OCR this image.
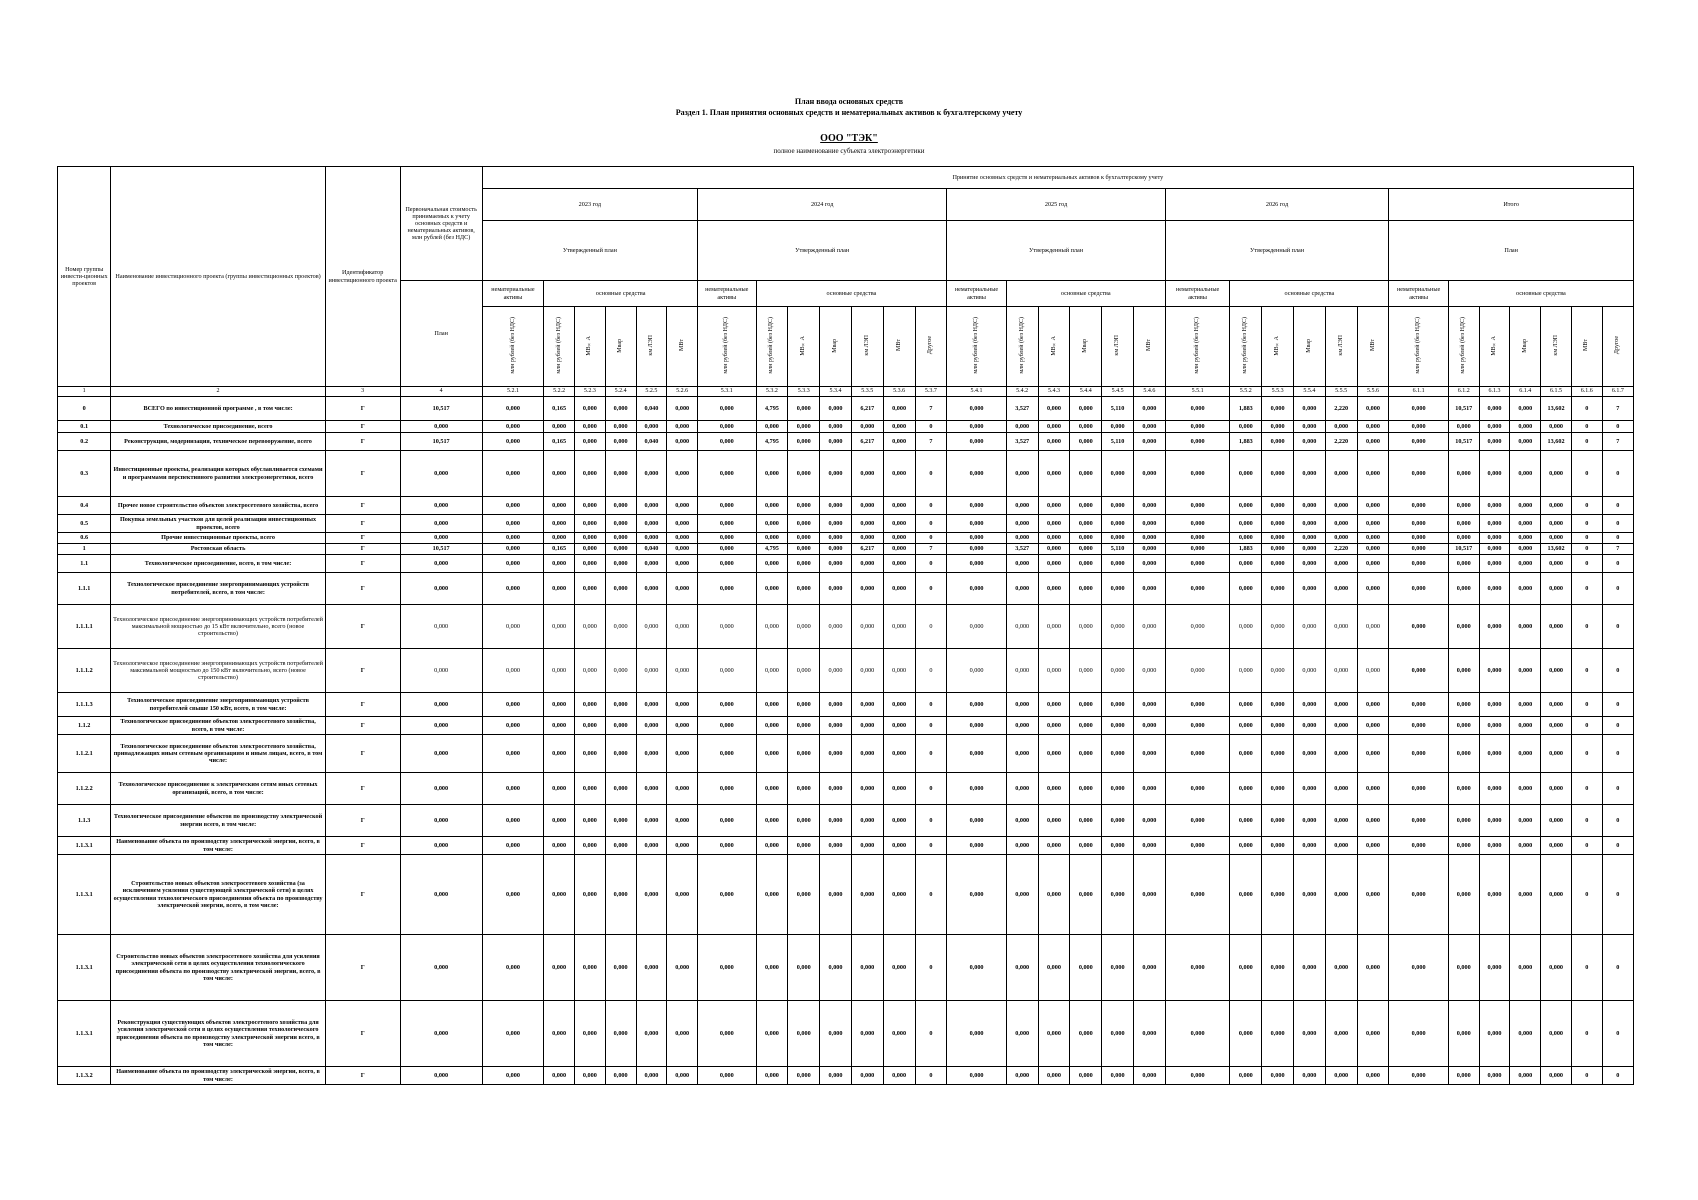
План ввода основных средств
Раздел 1. План принятия основных средств и нематериальных активов к бухгалтерскому учету
ООО "ТЭК"
полное наименование субъекта электроэнергетики
Номер группы инвести-ционных проектов	Наименование инвестиционного проекта (группы инвестиционных проектов)	Идентификатор инвестиционного проекта	Первоначальная стоимость принимаемых к учету основных средств и нематериальных активов, млн рублей (без НДС)	Принятие основных средств и нематериальных активов к бухгалтерскому учету																															
				2023 год						2024 год							2025 год						2026 год						Итого						
				Утвержденный план						Утвержденный план							Утвержденный план						Утвержденный план						План						
			План	нематериальные активы	основные средства					нематериальные активы	основные средства						нематериальные активы	основные средства					нематериальные активы	основные средства					нематериальные активы	основные средства					
				млн рублей (без НДС)	млн рублей (без НДС)	МВ×А	Мвар	км ЛЭП	МВт	млн рублей (без НДС)	млн рублей (без НДС)	МВ×А	Мвар	км ЛЭП	МВт	Другое	млн рублей (без НДС)	млн рублей (без НДС)	МВ×А	Мвар	км ЛЭП	МВт	млн рублей (без НДС)	млн рублей (без НДС)	МВ×А	Мвар	км ЛЭП	МВт	млн рублей (без НДС)	млн рублей (без НДС)	МВ×А	Мвар	км ЛЭП	МВт	Другое
1	2	3	4	5.2.1	5.2.2	5.2.3	5.2.4	5.2.5	5.2.6	5.3.1	5.3.2	5.3.3	5.3.4	5.3.5	5.3.6	5.3.7	5.4.1	5.4.2	5.4.3	5.4.4	5.4.5	5.4.6	5.5.1	5.5.2	5.5.3	5.5.4	5.5.5	5.5.6	6.1.1	6.1.2	6.1.3	6.1.4	6.1.5	6.1.6	6.1.7
0	ВСЕГО по инвестиционной программе , в том числе:	Г	10,517	0,000	0,165	0,000	0,000	0,040	0,000	0,000	4,795	0,000	0,000	6,217	0,000	7	0,000	3,527	0,000	0,000	5,110	0,000	0,000	1,883	0,000	0,000	2,220	0,000	0,000	10,517	0,000	0,000	13,602	0	7
0.1	Технологическое присоединение, всего	Г	0,000	0,000	0,000	0,000	0,000	0,000	0,000	0,000	0,000	0,000	0,000	0,000	0,000	0	0,000	0,000	0,000	0,000	0,000	0,000	0,000	0,000	0,000	0,000	0,000	0,000	0,000	0,000	0,000	0,000	0,000	0	0
0.2	Реконструкция, модернизация, техническое перевооружение, всего	Г	10,517	0,000	0,165	0,000	0,000	0,040	0,000	0,000	4,795	0,000	0,000	6,217	0,000	7	0,000	3,527	0,000	0,000	5,110	0,000	0,000	1,883	0,000	0,000	2,220	0,000	0,000	10,517	0,000	0,000	13,602	0	7
0.3	Инвестиционные проекты, реализация которых обуславливается схемами и программами перспективного развития электроэнергетики, всего	Г	0,000	0,000	0,000	0,000	0,000	0,000	0,000	0,000	0,000	0,000	0,000	0,000	0,000	0	0,000	0,000	0,000	0,000	0,000	0,000	0,000	0,000	0,000	0,000	0,000	0,000	0,000	0,000	0,000	0,000	0,000	0	0
0.4	Прочее новое строительство объектов электросетевого хозяйства, всего	Г	0,000	0,000	0,000	0,000	0,000	0,000	0,000	0,000	0,000	0,000	0,000	0,000	0,000	0	0,000	0,000	0,000	0,000	0,000	0,000	0,000	0,000	0,000	0,000	0,000	0,000	0,000	0,000	0,000	0,000	0,000	0	0
0.5	Покупка земельных участков для целей реализации инвестиционных проектов, всего	Г	0,000	0,000	0,000	0,000	0,000	0,000	0,000	0,000	0,000	0,000	0,000	0,000	0,000	0	0,000	0,000	0,000	0,000	0,000	0,000	0,000	0,000	0,000	0,000	0,000	0,000	0,000	0,000	0,000	0,000	0,000	0	0
0.6	Прочие инвестиционные проекты, всего	Г	0,000	0,000	0,000	0,000	0,000	0,000	0,000	0,000	0,000	0,000	0,000	0,000	0,000	0	0,000	0,000	0,000	0,000	0,000	0,000	0,000	0,000	0,000	0,000	0,000	0,000	0,000	0,000	0,000	0,000	0,000	0	0
1	Ростовская область	Г	10,517	0,000	0,165	0,000	0,000	0,040	0,000	0,000	4,795	0,000	0,000	6,217	0,000	7	0,000	3,527	0,000	0,000	5,110	0,000	0,000	1,883	0,000	0,000	2,220	0,000	0,000	10,517	0,000	0,000	13,602	0	7
1.1	Технологическое присоединение, всего, в том числе:	Г	0,000	0,000	0,000	0,000	0,000	0,000	0,000	0,000	0,000	0,000	0,000	0,000	0,000	0	0,000	0,000	0,000	0,000	0,000	0,000	0,000	0,000	0,000	0,000	0,000	0,000	0,000	0,000	0,000	0,000	0,000	0	0
1.1.1	Технологическое присоединение энергопринимающих устройств потребителей, всего, в том числе:	Г	0,000	0,000	0,000	0,000	0,000	0,000	0,000	0,000	0,000	0,000	0,000	0,000	0,000	0	0,000	0,000	0,000	0,000	0,000	0,000	0,000	0,000	0,000	0,000	0,000	0,000	0,000	0,000	0,000	0,000	0,000	0	0
1.1.1.1	Технологическое присоединение энергопринимающих устройств потребителей максимальной мощностью до 15 кВт включительно, всего (новое строительство)	Г	0,000	0,000	0,000	0,000	0,000	0,000	0,000	0,000	0,000	0,000	0,000	0,000	0,000	0	0,000	0,000	0,000	0,000	0,000	0,000	0,000	0,000	0,000	0,000	0,000	0,000	0,000	0,000	0,000	0,000	0,000	0	0
1.1.1.2	Технологическое присоединение энергопринимающих устройств потребителей максимальной мощностью до 150 кВт включительно, всего (новое строительство)	Г	0,000	0,000	0,000	0,000	0,000	0,000	0,000	0,000	0,000	0,000	0,000	0,000	0,000	0	0,000	0,000	0,000	0,000	0,000	0,000	0,000	0,000	0,000	0,000	0,000	0,000	0,000	0,000	0,000	0,000	0,000	0	0
1.1.1.3	Технологическое присоединение энергопринимающих устройств потребителей свыше 150 кВт, всего, в том числе:	Г	0,000	0,000	0,000	0,000	0,000	0,000	0,000	0,000	0,000	0,000	0,000	0,000	0,000	0	0,000	0,000	0,000	0,000	0,000	0,000	0,000	0,000	0,000	0,000	0,000	0,000	0,000	0,000	0,000	0,000	0,000	0	0
1.1.2	Технологическое присоединение объектов электросетевого хозяйства, всего, в том числе:	Г	0,000	0,000	0,000	0,000	0,000	0,000	0,000	0,000	0,000	0,000	0,000	0,000	0,000	0	0,000	0,000	0,000	0,000	0,000	0,000	0,000	0,000	0,000	0,000	0,000	0,000	0,000	0,000	0,000	0,000	0,000	0	0
1.1.2.1	Технологическое присоединение объектов электросетевого хозяйства, принадлежащих иным сетевым организациям и иным лицам, всего, в том числе:	Г	0,000	0,000	0,000	0,000	0,000	0,000	0,000	0,000	0,000	0,000	0,000	0,000	0,000	0	0,000	0,000	0,000	0,000	0,000	0,000	0,000	0,000	0,000	0,000	0,000	0,000	0,000	0,000	0,000	0,000	0,000	0	0
1.1.2.2	Технологическое присоединение к электрическим сетям иных сетевых организаций, всего, в том числе:	Г	0,000	0,000	0,000	0,000	0,000	0,000	0,000	0,000	0,000	0,000	0,000	0,000	0,000	0	0,000	0,000	0,000	0,000	0,000	0,000	0,000	0,000	0,000	0,000	0,000	0,000	0,000	0,000	0,000	0,000	0,000	0	0
1.1.3	Технологическое присоединение объектов по производству электрической энергии всего, в том числе:	Г	0,000	0,000	0,000	0,000	0,000	0,000	0,000	0,000	0,000	0,000	0,000	0,000	0,000	0	0,000	0,000	0,000	0,000	0,000	0,000	0,000	0,000	0,000	0,000	0,000	0,000	0,000	0,000	0,000	0,000	0,000	0	0
1.1.3.1	Наименование объекта по производству электрической энергии, всего, в том числе:	Г	0,000	0,000	0,000	0,000	0,000	0,000	0,000	0,000	0,000	0,000	0,000	0,000	0,000	0	0,000	0,000	0,000	0,000	0,000	0,000	0,000	0,000	0,000	0,000	0,000	0,000	0,000	0,000	0,000	0,000	0,000	0	0
1.1.3.1	Строительство новых объектов электросетевого хозяйства (за исключением усиления существующей электрической сети) в целях осуществления технологического присоединения объекта по производству электрической энергии, всего, в том числе:	Г	0,000	0,000	0,000	0,000	0,000	0,000	0,000	0,000	0,000	0,000	0,000	0,000	0,000	0	0,000	0,000	0,000	0,000	0,000	0,000	0,000	0,000	0,000	0,000	0,000	0,000	0,000	0,000	0,000	0,000	0,000	0	0
1.1.3.1	Строительство новых объектов электросетевого хозяйства для усиления электрической сети в целях осуществления технологического присоединения объекта по производству электрической энергии, всего, в том числе:	Г	0,000	0,000	0,000	0,000	0,000	0,000	0,000	0,000	0,000	0,000	0,000	0,000	0,000	0	0,000	0,000	0,000	0,000	0,000	0,000	0,000	0,000	0,000	0,000	0,000	0,000	0,000	0,000	0,000	0,000	0,000	0	0
1.1.3.1	Реконструкция существующих объектов электросетевого хозяйства для усиления электрической сети в целях осуществления технологического присоединения объекта по производству электрической энергии всего, в том числе:	Г	0,000	0,000	0,000	0,000	0,000	0,000	0,000	0,000	0,000	0,000	0,000	0,000	0,000	0	0,000	0,000	0,000	0,000	0,000	0,000	0,000	0,000	0,000	0,000	0,000	0,000	0,000	0,000	0,000	0,000	0,000	0	0
1.1.3.2	Наименование объекта по производству электрической энергии, всего, в том числе:	Г	0,000	0,000	0,000	0,000	0,000	0,000	0,000	0,000	0,000	0,000	0,000	0,000	0,000	0	0,000	0,000	0,000	0,000	0,000	0,000	0,000	0,000	0,000	0,000	0,000	0,000	0,000	0,000	0,000	0,000	0,000	0	0
